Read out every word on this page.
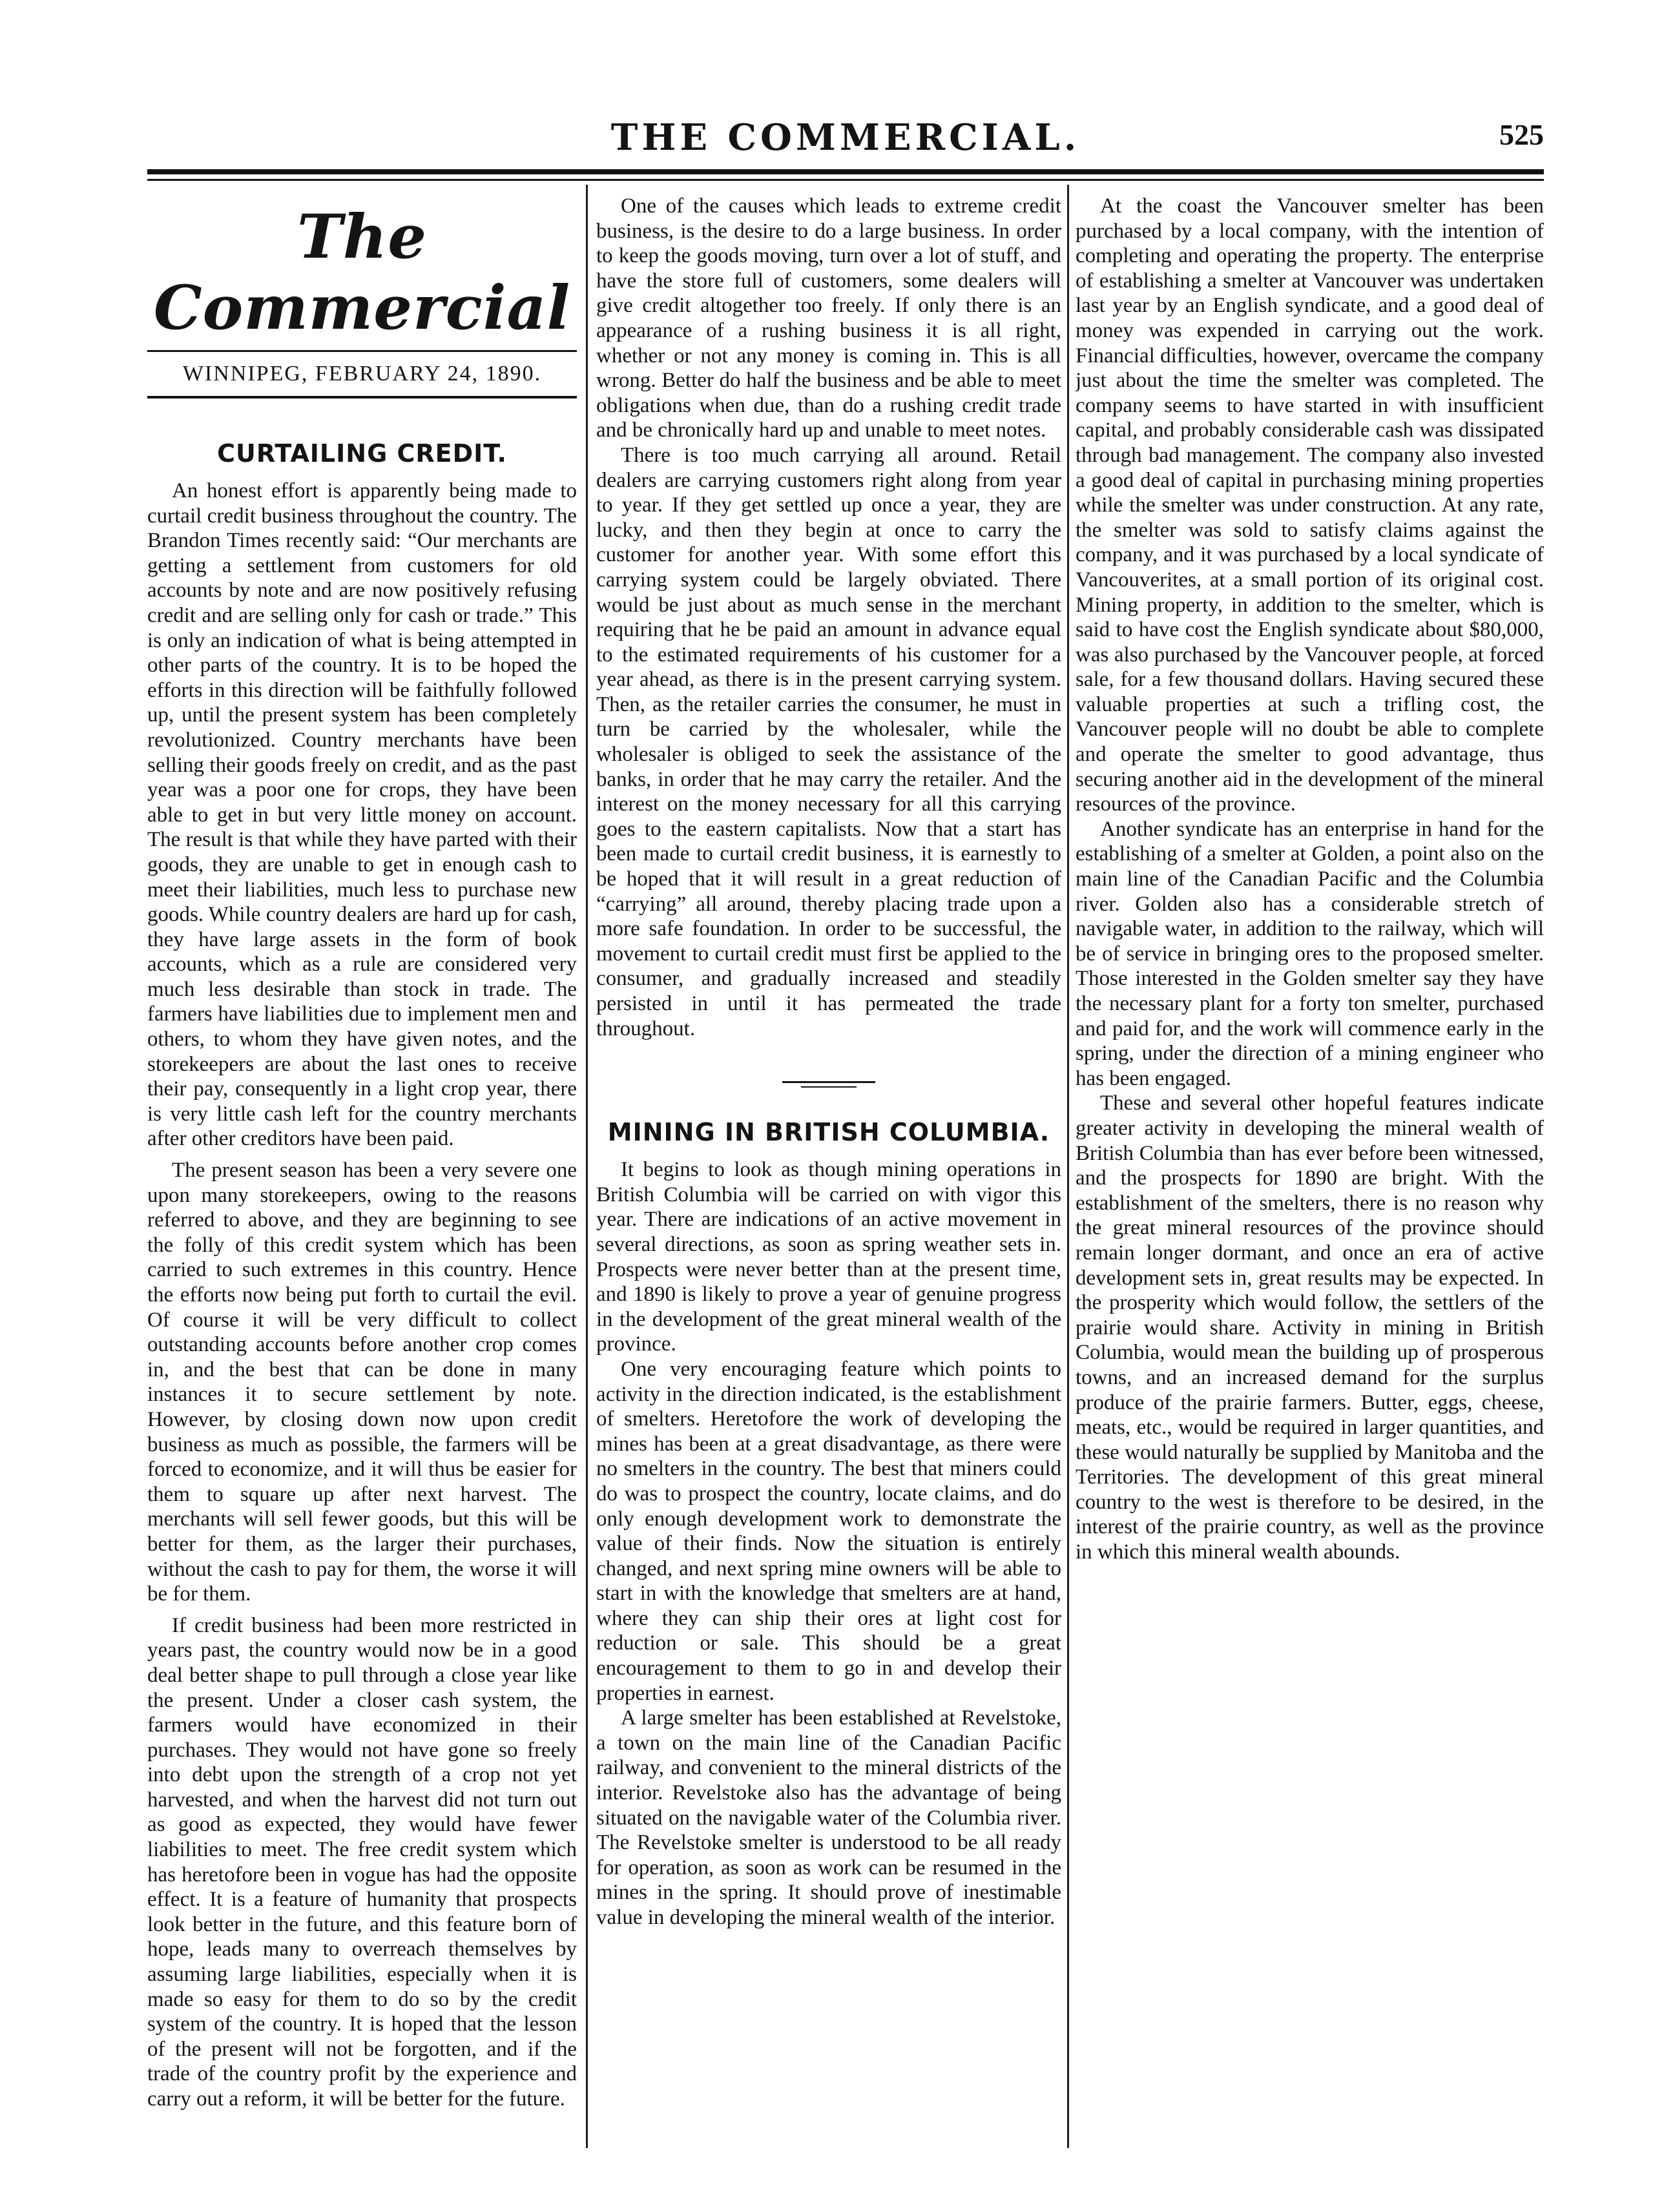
THE COMMERCIAL.	525
The Commercial
WINNIPEG, FEBRUARY 24, 1890.
CURTAILING CREDIT.

An honest effort is apparently being made to curtail credit business throughout the country. The Brandon Times recently said: “Our merchants are getting a settlement from customers for old accounts by note and are now positively refusing credit and are selling only for cash or trade.” This is only an indication of what is being attempted in other parts of the country. It is to be hoped the efforts in this direction will be faithfully followed up, until the present system has been completely revolutionized. Country merchants have been selling their goods freely on credit, and as the past year was a poor one for crops, they have been able to get in but very little money on account. The result is that while they have parted with their goods, they are unable to get in enough cash to meet their liabilities, much less to purchase new goods. While country dealers are hard up for cash, they have large assets in the form of book accounts, which as a rule are considered very much less desirable than stock in trade. The farmers have liabilities due to implement men and others, to whom they have given notes, and the storekeepers are about the last ones to receive their pay, consequently in a light crop year, there is very little cash left for the country merchants after other creditors have been paid.

The present season has been a very severe one upon many storekeepers, owing to the reasons referred to above, and they are beginning to see the folly of this credit system which has been carried to such extremes in this country. Hence the efforts now being put forth to curtail the evil. Of course it will be very difficult to collect outstanding accounts before another crop comes in, and the best that can be done in many instances it to secure settlement by note. However, by closing down now upon credit business as much as possible, the farmers will be forced to economize, and it will thus be easier for them to square up after next harvest. The merchants will sell fewer goods, but this will be better for them, as the larger their purchases, without the cash to pay for them, the worse it will be for them.

If credit business had been more restricted in years past, the country would now be in a good deal better shape to pull through a close year like the present. Under a closer cash system, the farmers would have economized in their purchases. They would not have gone so freely into debt upon the strength of a crop not yet harvested, and when the harvest did not turn out as good as expected, they would have fewer liabilities to meet. The free credit system which has heretofore been in vogue has had the opposite effect. It is a feature of humanity that prospects look better in the future, and this feature born of hope, leads many to overreach themselves by assuming large liabilities, especially when it is made so easy for them to do so by the credit system of the country. It is hoped that the lesson of the present will not be forgotten, and if the trade of the country profit by the experience and carry out a reform, it will be better for the future.

One of the causes which leads to extreme credit business, is the desire to do a large business. In order to keep the goods moving, turn over a lot of stuff, and have the store full of customers, some dealers will give credit altogether too freely. If only there is an appearance of a rushing business it is all right, whether or not any money is coming in. This is all wrong. Better do half the business and be able to meet obligations when due, than do a rushing credit trade and be chronically hard up and unable to meet notes.

There is too much carrying all around. Retail dealers are carrying customers right along from year to year. If they get settled up once a year, they are lucky, and then they begin at once to carry the customer for another year. With some effort this carrying system could be largely obviated. There would be just about as much sense in the merchant requiring that he be paid an amount in advance equal to the estimated requirements of his customer for a year ahead, as there is in the present carrying system. Then, as the retailer carries the consumer, he must in turn be carried by the wholesaler, while the wholesaler is obliged to seek the assistance of the banks, in order that he may carry the retailer. And the interest on the money necessary for all this carrying goes to the eastern capitalists. Now that a start has been made to curtail credit business, it is earnestly to be hoped that it will result in a great reduction of “carrying” all around, thereby placing trade upon a more safe foundation. In order to be successful, the movement to curtail credit must first be applied to the consumer, and gradually increased and steadily persisted in until it has permeated the trade throughout.

MINING IN BRITISH COLUMBIA.

It begins to look as though mining operations in British Columbia will be carried on with vigor this year. There are indications of an active movement in several directions, as soon as spring weather sets in. Prospects were never better than at the present time, and 1890 is likely to prove a year of genuine progress in the development of the great mineral wealth of the province.

One very encouraging feature which points to activity in the direction indicated, is the establishment of smelters. Heretofore the work of developing the mines has been at a great disadvantage, as there were no smelters in the country. The best that miners could do was to prospect the country, locate claims, and do only enough development work to demonstrate the value of their finds. Now the situation is entirely changed, and next spring mine owners will be able to start in with the knowledge that smelters are at hand, where they can ship their ores at light cost for reduction or sale. This should be a great encouragement to them to go in and develop their properties in earnest.

A large smelter has been established at Revelstoke, a town on the main line of the Canadian Pacific railway, and convenient to the mineral districts of the interior. Revelstoke also has the advantage of being situated on the navigable water of the Columbia river. The Revelstoke smelter is understood to be all ready for operation, as soon as work can be resumed in the mines in the spring. It should prove of inestimable value in developing the mineral wealth of the interior.

At the coast the Vancouver smelter has been purchased by a local company, with the intention of completing and operating the property. The enterprise of establishing a smelter at Vancouver was undertaken last year by an English syndicate, and a good deal of money was expended in carrying out the work. Financial difficulties, however, overcame the company just about the time the smelter was completed. The company seems to have started in with insufficient capital, and probably considerable cash was dissipated through bad management. The company also invested a good deal of capital in purchasing mining properties while the smelter was under construction. At any rate, the smelter was sold to satisfy claims against the company, and it was purchased by a local syndicate of Vancouverites, at a small portion of its original cost. Mining property, in addition to the smelter, which is said to have cost the English syndicate about $80,000, was also purchased by the Vancouver people, at forced sale, for a few thousand dollars. Having secured these valuable properties at such a trifling cost, the Vancouver people will no doubt be able to complete and operate the smelter to good advantage, thus securing another aid in the development of the mineral resources of the province.

Another syndicate has an enterprise in hand for the establishing of a smelter at Golden, a point also on the main line of the Canadian Pacific and the Columbia river. Golden also has a considerable stretch of navigable water, in addition to the railway, which will be of service in bringing ores to the proposed smelter. Those interested in the Golden smelter say they have the necessary plant for a forty ton smelter, purchased and paid for, and the work will commence early in the spring, under the direction of a mining engineer who has been engaged.

These and several other hopeful features indicate greater activity in developing the mineral wealth of British Columbia than has ever before been witnessed, and the prospects for 1890 are bright. With the establishment of the smelters, there is no reason why the great mineral resources of the province should remain longer dormant, and once an era of active development sets in, great results may be expected. In the prosperity which would follow, the settlers of the prairie would share. Activity in mining in British Columbia, would mean the building up of prosperous towns, and an increased demand for the surplus produce of the prairie farmers. Butter, eggs, cheese, meats, etc., would be required in larger quantities, and these would naturally be supplied by Manitoba and the Territories. The development of this great mineral country to the west is therefore to be desired, in the interest of the prairie country, as well as the province in which this mineral wealth abounds.
